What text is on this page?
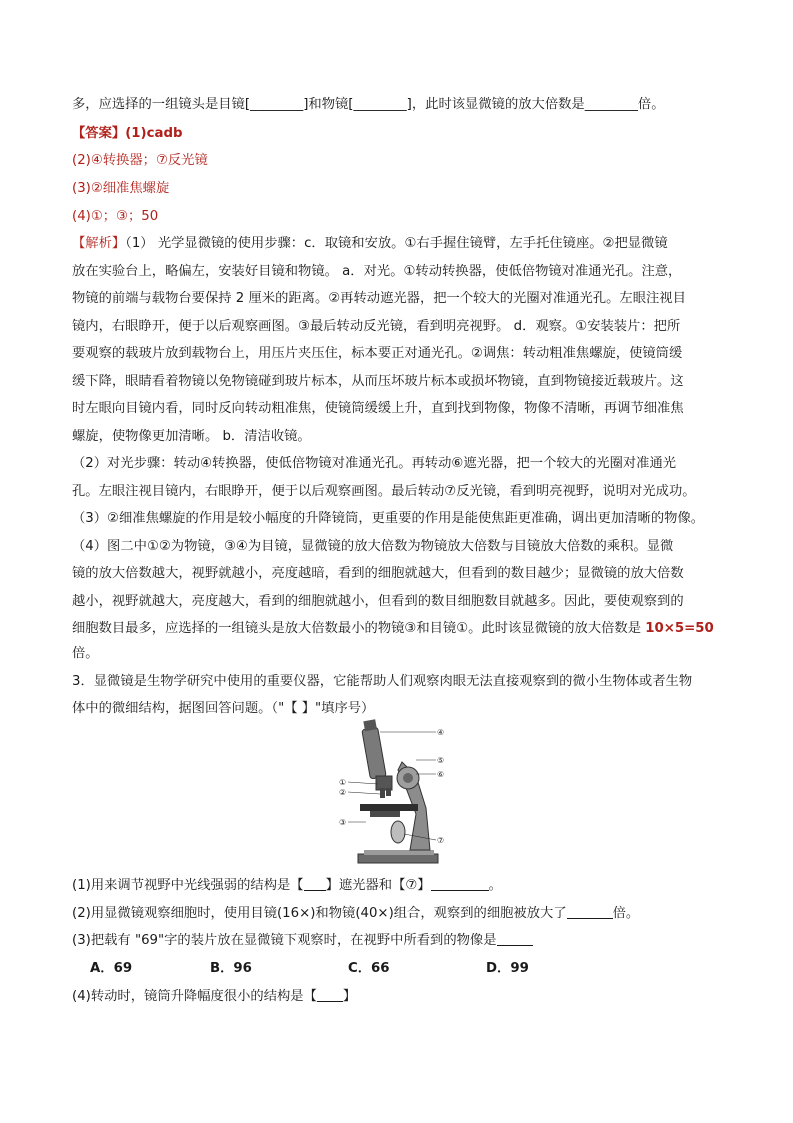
多，应选择的一组镜头是目镜[________]和物镜[________]，此时该显微镜的放大倍数是________倍。
【答案】(1)cadb
(2)④转换器；⑦反光镜
(3)②细准焦螺旋
(4)①；③；50
【解析】（1） 光学显微镜的使用步骤：c．取镜和安放。①右手握住镜臂，左手托住镜座。②把显微镜
放在实验台上，略偏左，安装好目镜和物镜。 a．对光。①转动转换器，使低倍物镜对准通光孔。注意，
物镜的前端与载物台要保持 2 厘米的距离。②再转动遮光器，把一个较大的光圈对准通光孔。左眼注视目
镜内，右眼睁开，便于以后观察画图。③最后转动反光镜，看到明亮视野。 d．观察。①安装装片：把所
要观察的载玻片放到载物台上，用压片夹压住，标本要正对通光孔。②调焦：转动粗准焦螺旋，使镜筒缓
缓下降，眼睛看着物镜以免物镜碰到玻片标本，从而压坏玻片标本或损坏物镜，直到物镜接近载玻片。这
时左眼向目镜内看，同时反向转动粗准焦，使镜筒缓缓上升，直到找到物像，物像不清晰，再调节细准焦
螺旋，使物像更加清晰。 b．清洁收镜。
（2）对光步骤：转动④转换器，使低倍物镜对准通光孔。再转动⑥遮光器，把一个较大的光圈对准通光
孔。左眼注视目镜内，右眼睁开，便于以后观察画图。最后转动⑦反光镜，看到明亮视野，说明对光成功。
（3）②细准焦螺旋的作用是较小幅度的升降镜筒，更重要的作用是能使焦距更准确，调出更加清晰的物像。
（4）图二中①②为物镜，③④为目镜，显微镜的放大倍数为物镜放大倍数与目镜放大倍数的乘积。显微
镜的放大倍数越大，视野就越小，亮度越暗，看到的细胞就越大，但看到的数目越少；显微镜的放大倍数
越小，视野就越大，亮度越大，看到的细胞就越小，但看到的数目细胞数目就越多。因此，要使观察到的
细胞数目最多，应选择的一组镜头是放大倍数最小的物镜③和目镜①。此时该显微镜的放大倍数是 10×5=50
倍。
3．显微镜是生物学研究中使用的重要仪器，它能帮助人们观察肉眼无法直接观察到的微小生物体或者生物
体中的微细结构，据图回答问题。（"【 】"填序号）
④
⑤
⑥
①
②
③
⑦
(1)用来调节视野中光线强弱的结构是【 】遮光器和【⑦】	。
(2)用显微镜观察细胞时，使用目镜(16×)和物镜(40×)组合，观察到的细胞被放大了	倍。
(3)把载有 "69"字的装片放在显微镜下观察时，在视野中所看到的物像是
A．69	B．96	C．66	D．99
(4)转动时，镜筒升降幅度很小的结构是【 】
